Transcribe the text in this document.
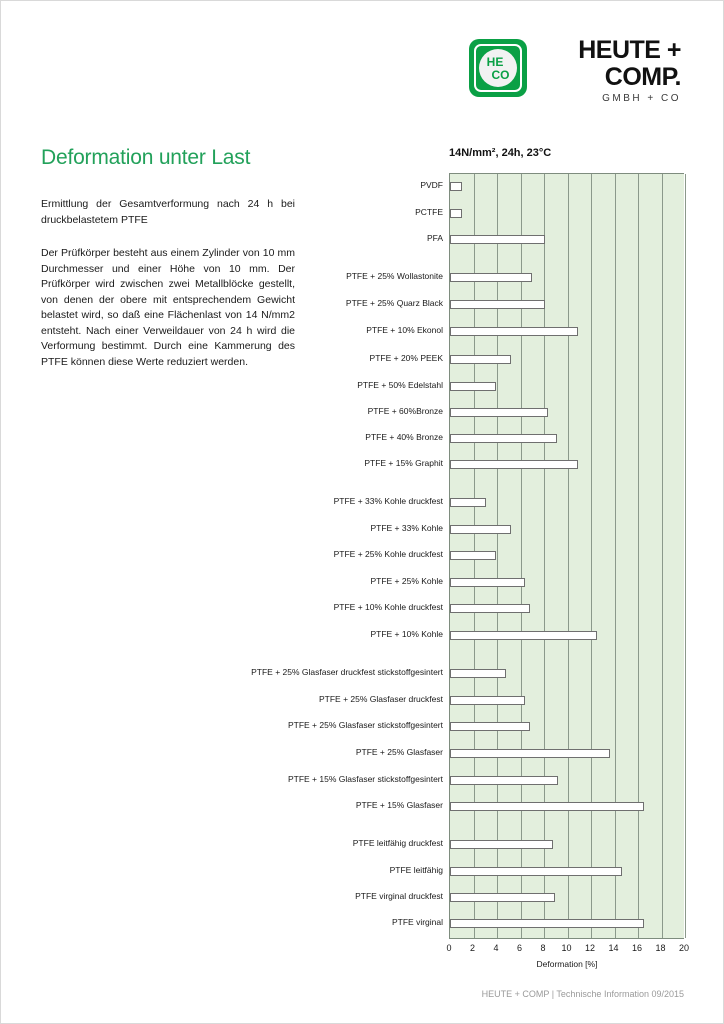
HE
CO
HEUTE +
COMP.
GMBH + CO
Deformation unter Last
Ermittlung der Gesamtverformung nach 24 h bei druckbelastetem PTFE
Der Prüfkörper besteht aus einem Zylinder von 10 mm Durchmesser und einer Höhe von 10 mm. Der Prüfkörper wird zwischen zwei Metallblöcke gestellt, von denen der obere mit entsprechendem Gewicht belastet wird, so daß eine Flächenlast von 14 N/mm2 entsteht. Nach einer Verweildauer von 24 h wird die Verformung bestimmt. Durch eine Kammerung des PTFE können diese Werte reduziert werden.
14N/mm², 24h, 23°C
PVDF
PCTFE
PFA
PTFE + 25% Wollastonite
PTFE + 25% Quarz Black
PTFE + 10% Ekonol
PTFE + 20% PEEK
PTFE + 50% Edelstahl
PTFE + 60%Bronze
PTFE + 40% Bronze
PTFE + 15% Graphit
PTFE + 33% Kohle druckfest
PTFE + 33% Kohle
PTFE + 25% Kohle druckfest
PTFE + 25% Kohle
PTFE + 10% Kohle druckfest
PTFE + 10% Kohle
PTFE + 25% Glasfaser druckfest stickstoffgesintert
PTFE + 25% Glasfaser druckfest
PTFE + 25% Glasfaser stickstoffgesintert
PTFE + 25% Glasfaser
PTFE + 15% Glasfaser stickstoffgesintert
PTFE + 15% Glasfaser
PTFE leitfähig druckfest
PTFE leitfähig
PTFE virginal druckfest
PTFE virginal
0 2 4 6 8 10 12 14 16 18 20
Deformation [%]
HEUTE + COMP | Technische Information 09/2015
